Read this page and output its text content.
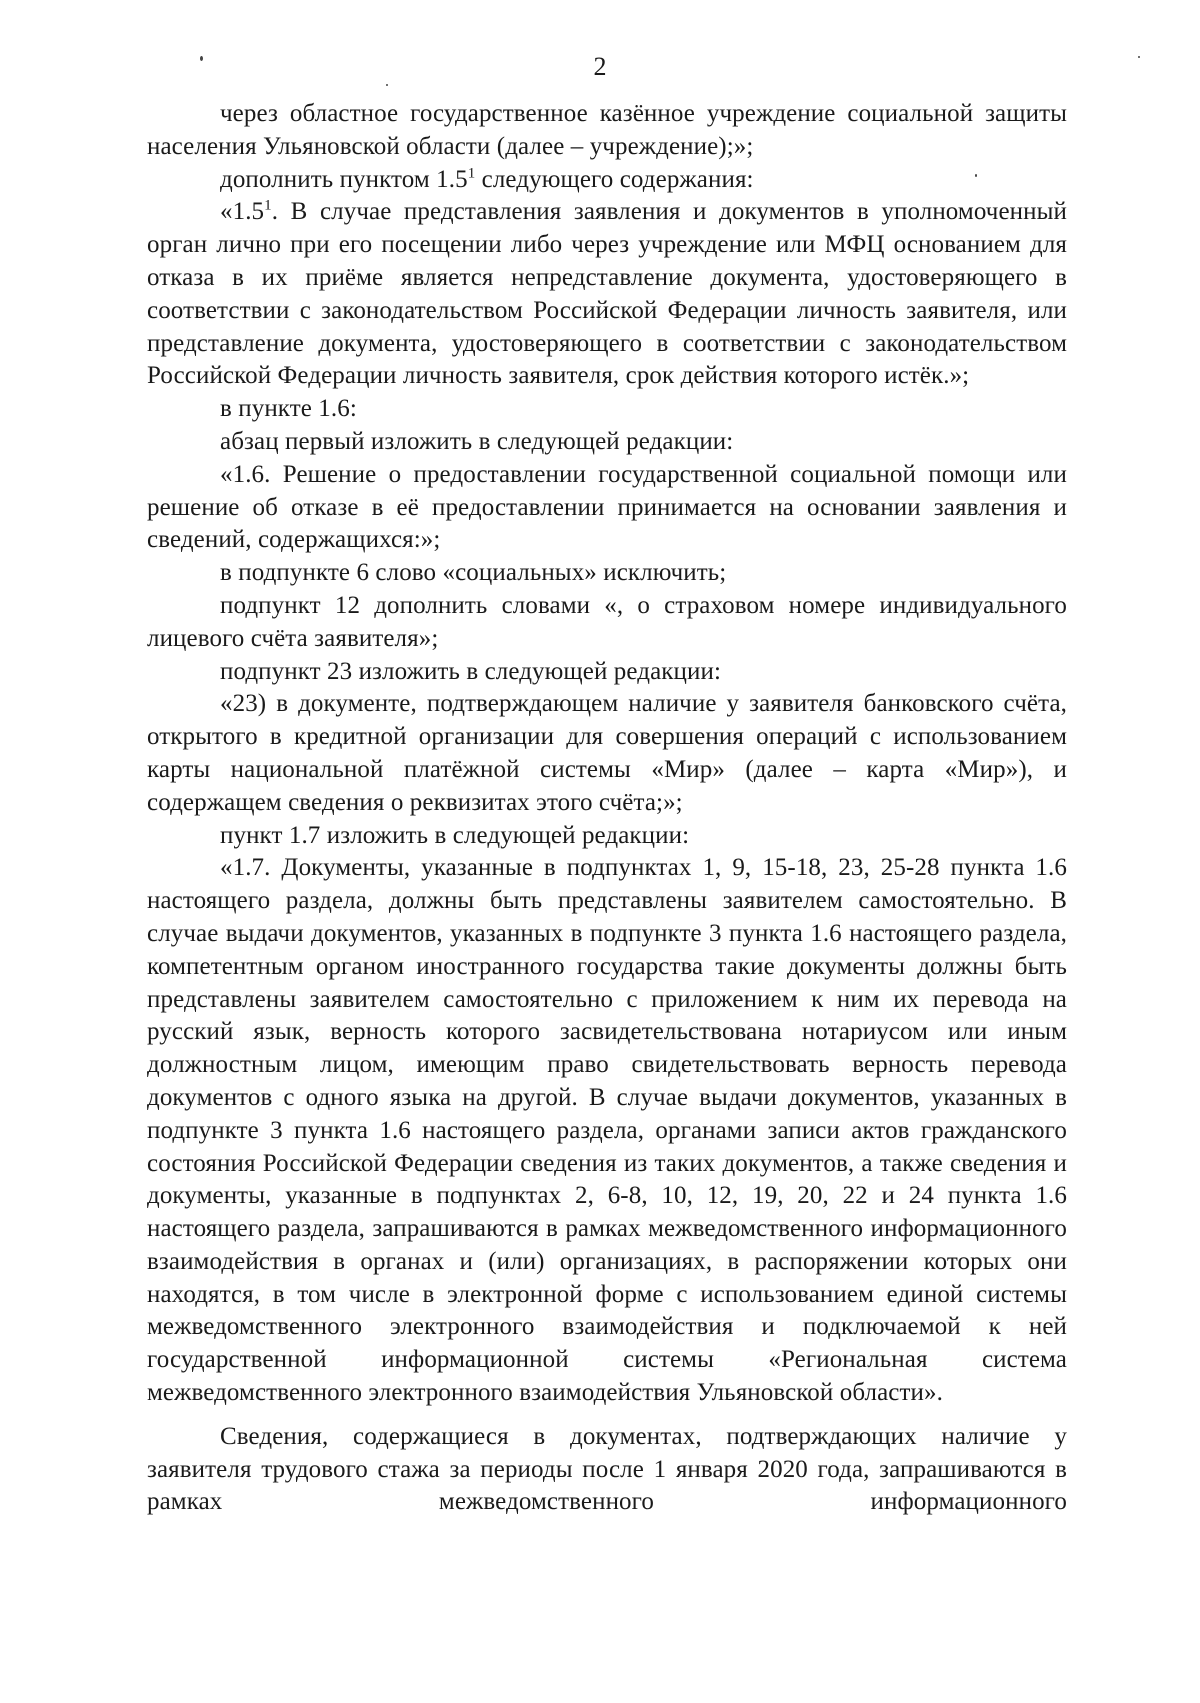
2

через областное государственное казённое учреждение социальной защиты населения Ульяновской области (далее – учреждение);»;

дополнить пунктом $1.5^1$ следующего содержания:

«$1.5^1$. В случае представления заявления и документов в уполномоченный орган лично при его посещении либо через учреждение или МФЦ основанием для отказа в их приёме является непредставление документа, удостоверяющего в соответствии с законодательством Российской Федерации личность заявителя, или представление документа, удостоверяющего в соответствии с законодательством Российской Федерации личность заявителя, срок действия которого истёк.»;

в пункте 1.6:

абзац первый изложить в следующей редакции:

«1.6. Решение о предоставлении государственной социальной помощи или решение об отказе в её предоставлении принимается на основании заявления и сведений, содержащихся:»;

в подпункте 6 слово «социальных» исключить;

подпункт 12 дополнить словами «, о страховом номере индивидуального лицевого счёта заявителя»;

подпункт 23 изложить в следующей редакции:

«23) в документе, подтверждающем наличие у заявителя банковского счёта, открытого в кредитной организации для совершения операций с использованием карты национальной платёжной системы «Мир» (далее – карта «Мир»), и содержащем сведения о реквизитах этого счёта;»;

пункт 1.7 изложить в следующей редакции:

«1.7. Документы, указанные в подпунктах 1, 9, 15-18, 23, 25-28 пункта 1.6 настоящего раздела, должны быть представлены заявителем самостоятельно. В случае выдачи документов, указанных в подпункте 3 пункта 1.6 настоящего раздела, компетентным органом иностранного государства такие документы должны быть представлены заявителем самостоятельно с приложением к ним их перевода на русский язык, верность которого засвидетельствована нотариусом или иным должностным лицом, имеющим право свидетельствовать верность перевода документов с одного языка на другой. В случае выдачи документов, указанных в подпункте 3 пункта 1.6 настоящего раздела, органами записи актов гражданского состояния Российской Федерации сведения из таких документов, а также сведения и документы, указанные в подпунктах 2, 6-8, 10, 12, 19, 20, 22 и 24 пункта 1.6 настоящего раздела, запрашиваются в рамках межведомственного информационного взаимодействия в органах и (или) организациях, в распоряжении которых они находятся, в том числе в электронной форме с использованием единой системы межведомственного электронного взаимодействия и подключаемой к ней государственной информационной системы «Региональная система межведомственного электронного взаимодействия Ульяновской области».

Сведения, содержащиеся в документах, подтверждающих наличие у заявителя трудового стажа за периоды после 1 января 2020 года, запрашиваются в рамках межведомственного информационного
